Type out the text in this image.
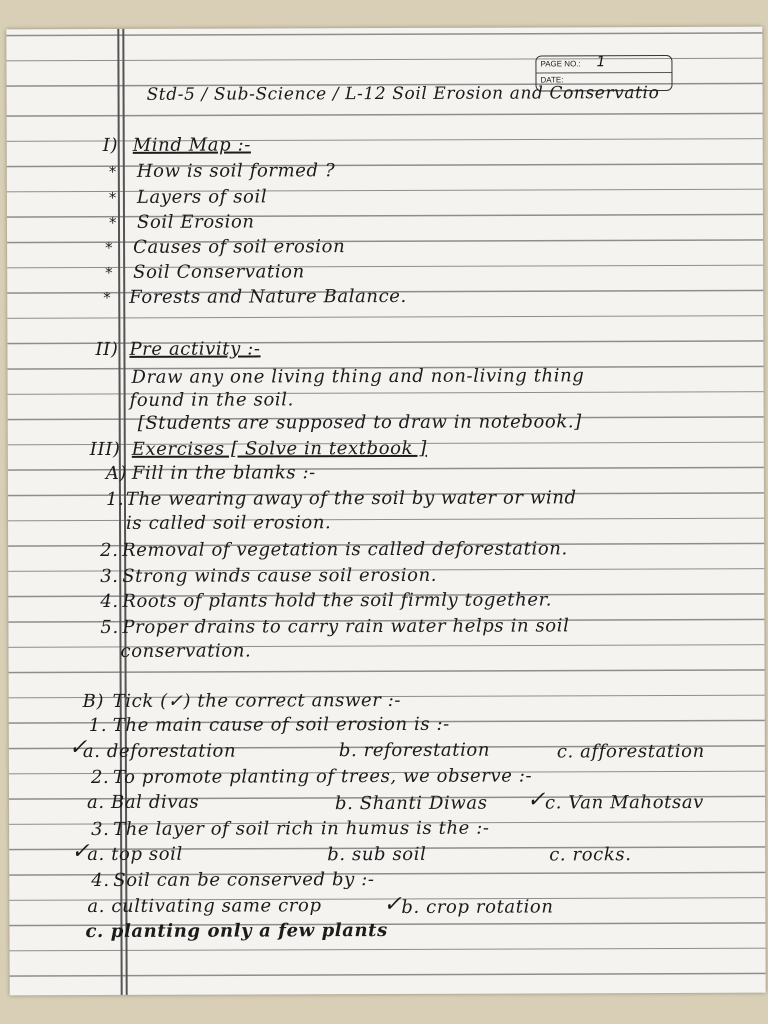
PAGE NO.: 1
DATE:
Std-5 / Sub-Science / L-12 Soil Erosion and Conservatio
I) Mind Map :-
* How is soil formed ?
* Layers of soil
* Soil Erosion
* Causes of soil erosion
* Soil Conservation
* Forests and Nature Balance.
II) Pre activity :-
Draw any one living thing and non-living thing
found in the soil.
[Students are supposed to draw in notebook.]
III) Exercises [ Solve in textbook ]
A) Fill in the blanks :-
1. The wearing away of the soil by water or wind
is called soil erosion.
2. Removal of vegetation is called deforestation.
3. Strong winds cause soil erosion.
4. Roots of plants hold the soil firmly together.
5. Proper drains to carry rain water helps in soil
conservation.
B) Tick (✓) the correct answer :-
1. The main cause of soil erosion is :-
a. deforestation	b. reforestation	c. afforestation
2. To promote planting of trees, we observe :-
a. Bal divas	b. Shanti Diwas	c. Van Mahotsav
3. The layer of soil rich in humus is the :-
a. top soil	b. sub soil	c. rocks.
4. Soil can be conserved by :-
a. cultivating same crop	b. crop rotation
c. planting only a few plants
✓
✓
✓
✓
